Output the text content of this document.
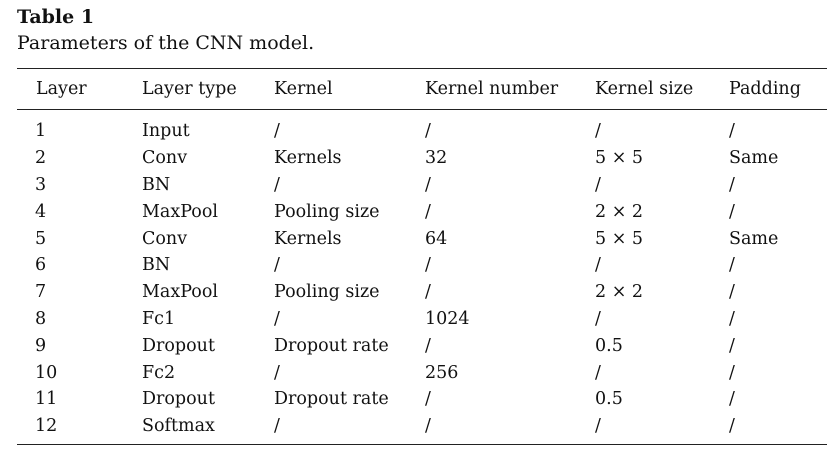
Table 1
Parameters of the CNN model.
Layer	Layer type	Kernel	Kernel number	Kernel size	Padding
1	Input	/	/	/	/
2	Conv	Kernels	32	5 × 5	Same
3	BN	/	/	/	/
4	MaxPool	Pooling size	/	2 × 2	/
5	Conv	Kernels	64	5 × 5	Same
6	BN	/	/	/	/
7	MaxPool	Pooling size	/	2 × 2	/
8	Fc1	/	1024	/	/
9	Dropout	Dropout rate	/	0.5	/
10	Fc2	/	256	/	/
11	Dropout	Dropout rate	/	0.5	/
12	Softmax	/	/	/	/
